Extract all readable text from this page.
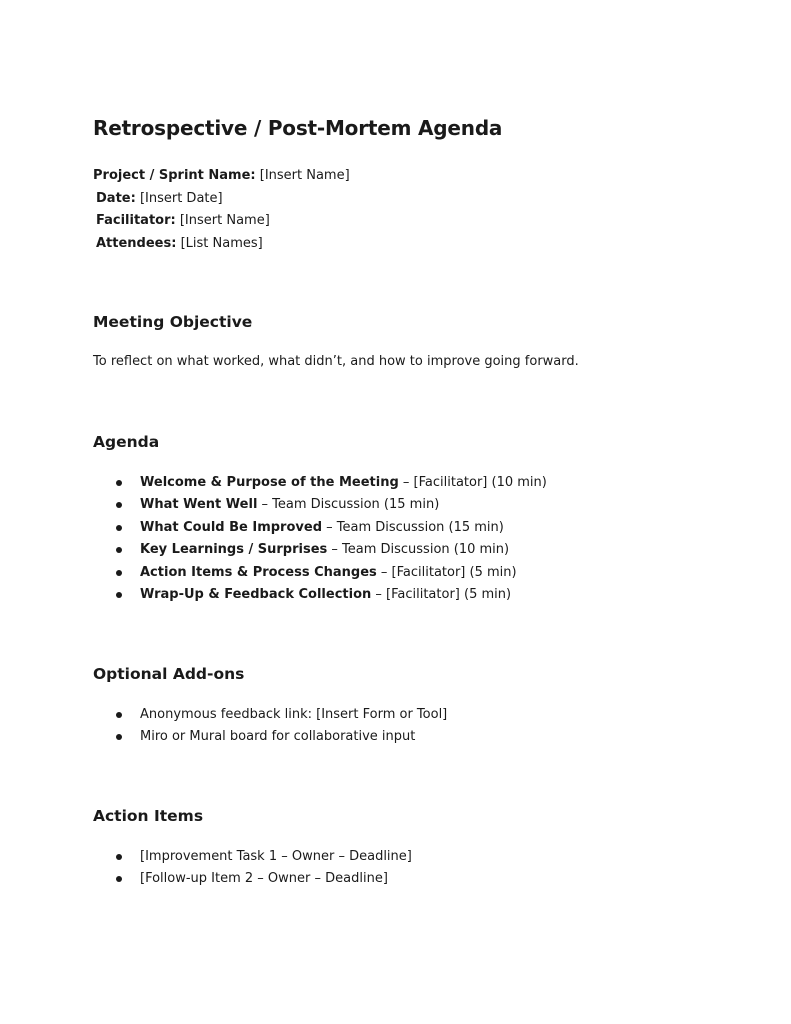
Retrospective / Post-Mortem Agenda
Project / Sprint Name: [Insert Name]
Date: [Insert Date]
Facilitator: [Insert Name]
Attendees: [List Names]
Meeting Objective

To reflect on what worked, what didn’t, and how to improve going forward.

Agenda
Welcome & Purpose of the Meeting – [Facilitator] (10 min)
What Went Well – Team Discussion (15 min)
What Could Be Improved – Team Discussion (15 min)
Key Learnings / Surprises – Team Discussion (10 min)
Action Items & Process Changes – [Facilitator] (5 min)
Wrap-Up & Feedback Collection – [Facilitator] (5 min)
Optional Add-ons
Anonymous feedback link: [Insert Form or Tool]
Miro or Mural board for collaborative input
Action Items
[Improvement Task 1 – Owner – Deadline]
[Follow-up Item 2 – Owner – Deadline]
